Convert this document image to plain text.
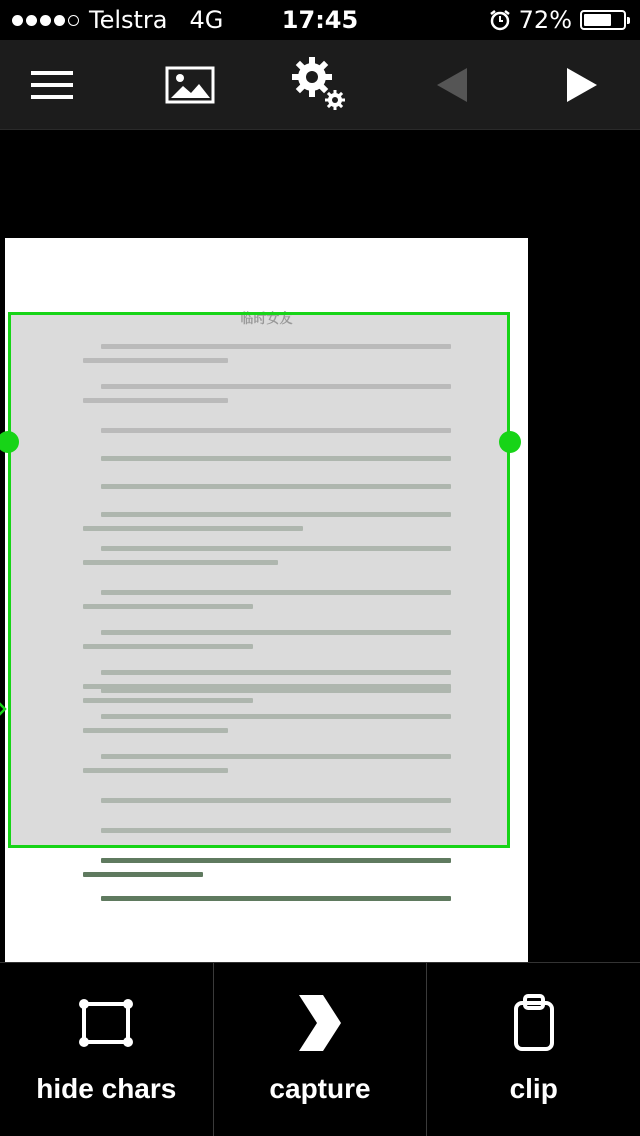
Telstra 4G	17:45	72%
hide chars	capture	clip
